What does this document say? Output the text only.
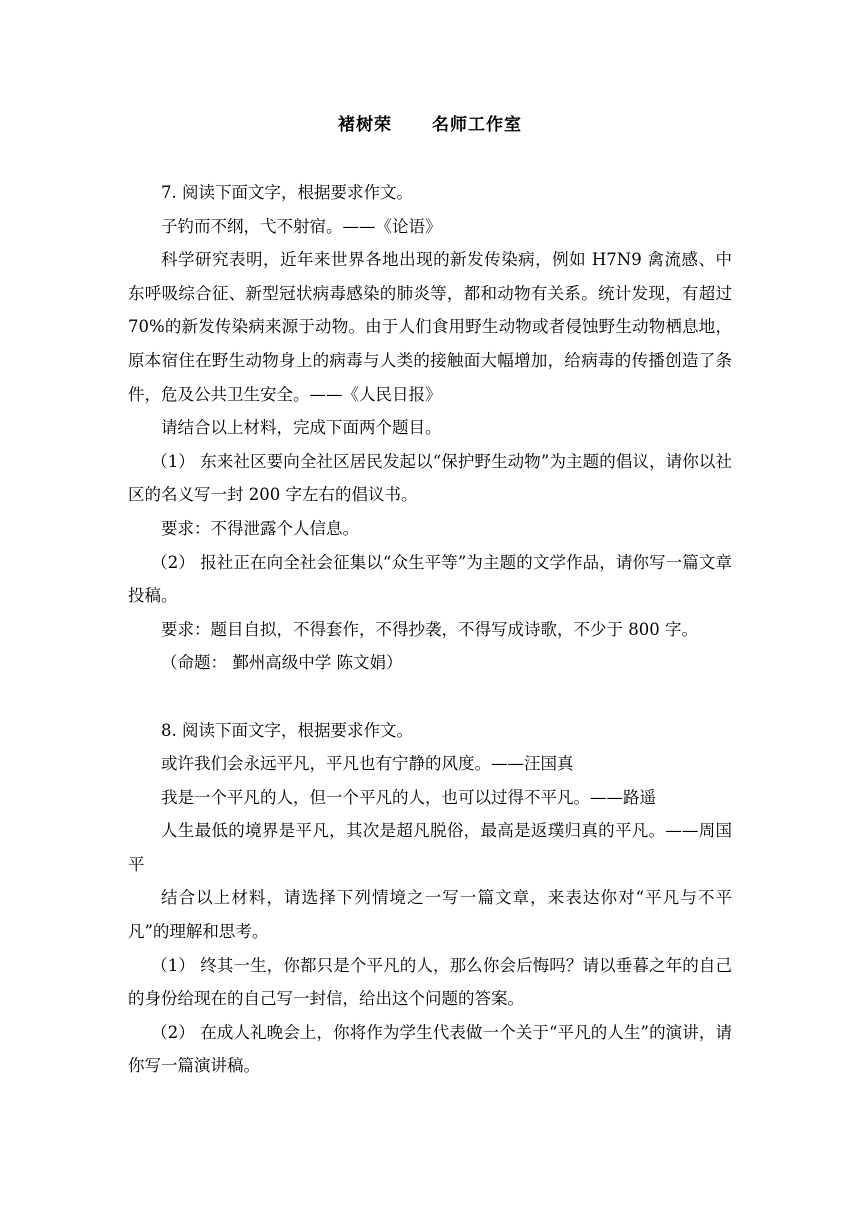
褚树荣 名师工作室

7. 阅读下面文字，根据要求作文。

子钓而不纲，弋不射宿。——《论语》

科学研究表明，近年来世界各地出现的新发传染病，例如 H7N9 禽流感、中东呼吸综合征、新型冠状病毒感染的肺炎等，都和动物有关系。统计发现，有超过 70%的新发传染病来源于动物。由于人们食用野生动物或者侵蚀野生动物栖息地，原本宿住在野生动物身上的病毒与人类的接触面大幅增加，给病毒的传播创造了条件，危及公共卫生安全。——《人民日报》

请结合以上材料，完成下面两个题目。

（1） 东来社区要向全社区居民发起以“保护野生动物”为主题的倡议，请你以社区的名义写一封 200 字左右的倡议书。

要求：不得泄露个人信息。

（2） 报社正在向全社会征集以“众生平等”为主题的文学作品，请你写一篇文章投稿。

要求：题目自拟，不得套作，不得抄袭，不得写成诗歌，不少于 800 字。

（命题： 鄞州高级中学 陈文娟）

8. 阅读下面文字，根据要求作文。

或许我们会永远平凡，平凡也有宁静的风度。——汪国真

我是一个平凡的人，但一个平凡的人，也可以过得不平凡。——路遥

人生最低的境界是平凡，其次是超凡脱俗，最高是返璞归真的平凡。——周国平

结合以上材料，请选择下列情境之一写一篇文章，来表达你对“平凡与不平凡”的理解和思考。

（1） 终其一生，你都只是个平凡的人，那么你会后悔吗？请以垂暮之年的自己的身份给现在的自己写一封信，给出这个问题的答案。

（2） 在成人礼晚会上，你将作为学生代表做一个关于“平凡的人生”的演讲，请你写一篇演讲稿。
